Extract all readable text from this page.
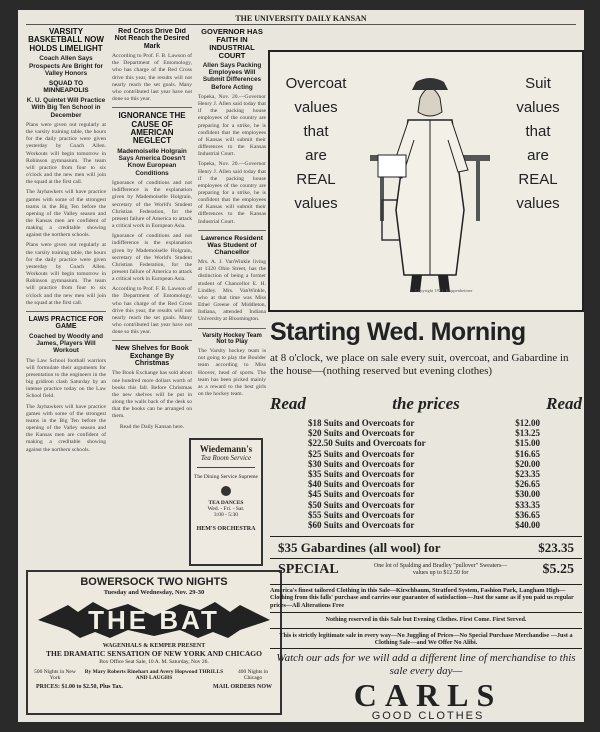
THE UNIVERSITY DAILY KANSAN
VARSITY BASKETBALL NOW HOLDS LIMELIGHT
Coach Allen Says Prospects Are Bright for Valley Honors
SQUAD TO MINNEAPOLIS
K. U. Quintet Will Practice With Big Ten School in December
Plans were given out regularly at the varsity training table, the hours for the daily practice were given yesterday by Coach Allen. Workouts will begin tomorrow in Robinson gymnasium. The team will practice from four to six o'clock and the new men will join the squad at the first call.
The Jayhawkers will have practice games with some of the strongest teams in the Big Ten before the opening of the Valley season and the Kansas men are confident of making a creditable showing against the northern schools.
Plans were given out regularly at the varsity training table, the hours for the daily practice were given yesterday by Coach Allen. Workouts will begin tomorrow in Robinson gymnasium. The team will practice from four to six o'clock and the new men will join the squad at the first call.
LAWS PRACTICE FOR GAME
Coached by Woodly and James, Players Will Workout
The Law School football warriors will formulate their arguments for presentation to the engineers in the big gridiron clash Saturday by an intense practice today on the Law School field.
The Jayhawkers will have practice games with some of the strongest teams in the Big Ten before the opening of the Valley season and the Kansas men are confident of making a creditable showing against the northern schools.
Red Cross Drive Did Not Reach the Desired Mark
According to Prof. F. B. Lawson of the Department of Entomology, who has charge of the Red Cross drive this year, the results will not nearly reach the set goals. Many who contributed last year have not done so this year.
IGNORANCE THE CAUSE OF AMERICAN NEGLECT
Mademoiselle Holgrain Says America Doesn't Know European Conditions
Ignorance of conditions and not indifference is the explanation given by Mademoiselle Holgrain, secretary of the World's Student Christian Federation, for the present failure of America to attack a critical work in European Asia.
Ignorance of conditions and not indifference is the explanation given by Mademoiselle Holgrain, secretary of the World's Student Christian Federation, for the present failure of America to attack a critical work in European Asia.
According to Prof. F. B. Lawson of the Department of Entomology, who has charge of the Red Cross drive this year, the results will not nearly reach the set goals. Many who contributed last year have not done so this year.
New Shelves for Book Exchange By Christmas
The Book Exchange has sold about one hundred more dollars worth of books this fall. Before Christmas the new shelves will be put in along the walls back of the desk so that the books can be arranged on them.
Read the Daily Kansan here.
GOVERNOR HAS FAITH IN INDUSTRIAL COURT
Allen Says Packing Employees Will Submit Differences Before Acting
Topeka, Nov. 20.—Governor Henry J. Allen said today that if the packing house employees of the country are preparing for a strike, he is confident that the employees of Kansas will submit their differences to the Kansas Industrial Court.
Topeka, Nov. 20.—Governor Henry J. Allen said today that if the packing house employees of the country are preparing for a strike, he is confident that the employees of Kansas will submit their differences to the Kansas Industrial Court.
Lawrence Resident Was Student of Chancellor
Mrs. A. J. VanWinkle living at 1320 Ohio Street, has the distinction of being a former student of Chancellor E. H. Lindley. Mrs. VanWinkle, who at that time was Miss Ethel Greene of Middleton, Indiana, attended Indiana University at Bloomington.
Varsity Hockey Team Not to Play
The Varsity hockey team is not going to play the Boulder team according to Miss Hoover, head of sports. The team has been picked mainly as a reward to the best girls on the hockey team.
Wiedemann's
Tea Room Service
The Dining Service Supreme
TEA DANCES
Wed. - Fri. - Sat.
3:00 - 5:30
HEM'S ORCHESTRA
BOWERSOCK TWO NIGHTS
Tuesday and Wednesday, Nov. 29-30
THE BAT
WAGENHALS & KEMPER PRESENT
THE DRAMATIC SENSATION OF NEW YORK AND CHICAGO
Box Office Seat Sale, 10 A. M. Saturday, Nov 26.
500 Nights in New York
By Mary Roberts Rinehart and Avery Hopwood THRILLS AND LAUGHS
400 Nights in Chicago
PRICES: $1.00 to $2.50, Plus Tax.	MAIL ORDERS NOW
Overcoat
values
that
are
REAL
values
Copyright 1921, Kuppenheimer
Suit
values
that
are
REAL
values
Starting Wed. Morning
at 8 o'clock, we place on sale every suit, overcoat, and Gabardine in the house—(nothing reserved but evening clothes)
Read	the prices	Read
$18 Suits and Overcoats for	$12.00
$20 Suits and Overcoats for	$13.25
$22.50 Suits and Overcoats for	$15.00
$25 Suits and Overcoats for	$16.65
$30 Suits and Overcoats for	$20.00
$35 Suits and Overcoats for	$23.35
$40 Suits and Overcoats for	$26.65
$45 Suits and Overcoats for	$30.00
$50 Suits and Overcoats for	$33.35
$55 Suits and Overcoats for	$36.65
$60 Suits and Overcoats for	$40.00
$35 Gabardines (all wool) for	$23.35
SPECIAL	One lot of Spalding and Bradley "pullover" Sweaters— values up to $12.50 for	$5.25
America's finest tailored Clothing in this Sale—Kirschbaum, Stratford System, Fashion Park, Langham High—Clothing from this falls' purchase and carries our guarantee of satisfaction—Just the same as if you paid us regular prices—All Alterations Free
Nothing reserved in this Sale but Evening Clothes. First Come. First Served.
This is strictly legitimate sale in every way—No Juggling of Prices—No Special Purchase Merchandise —Just a Clothing Sale—and We Offer No Alibi.
Watch our ads for we will add a different line of merchandise to this sale every day—
CARLS
GOOD CLOTHES
